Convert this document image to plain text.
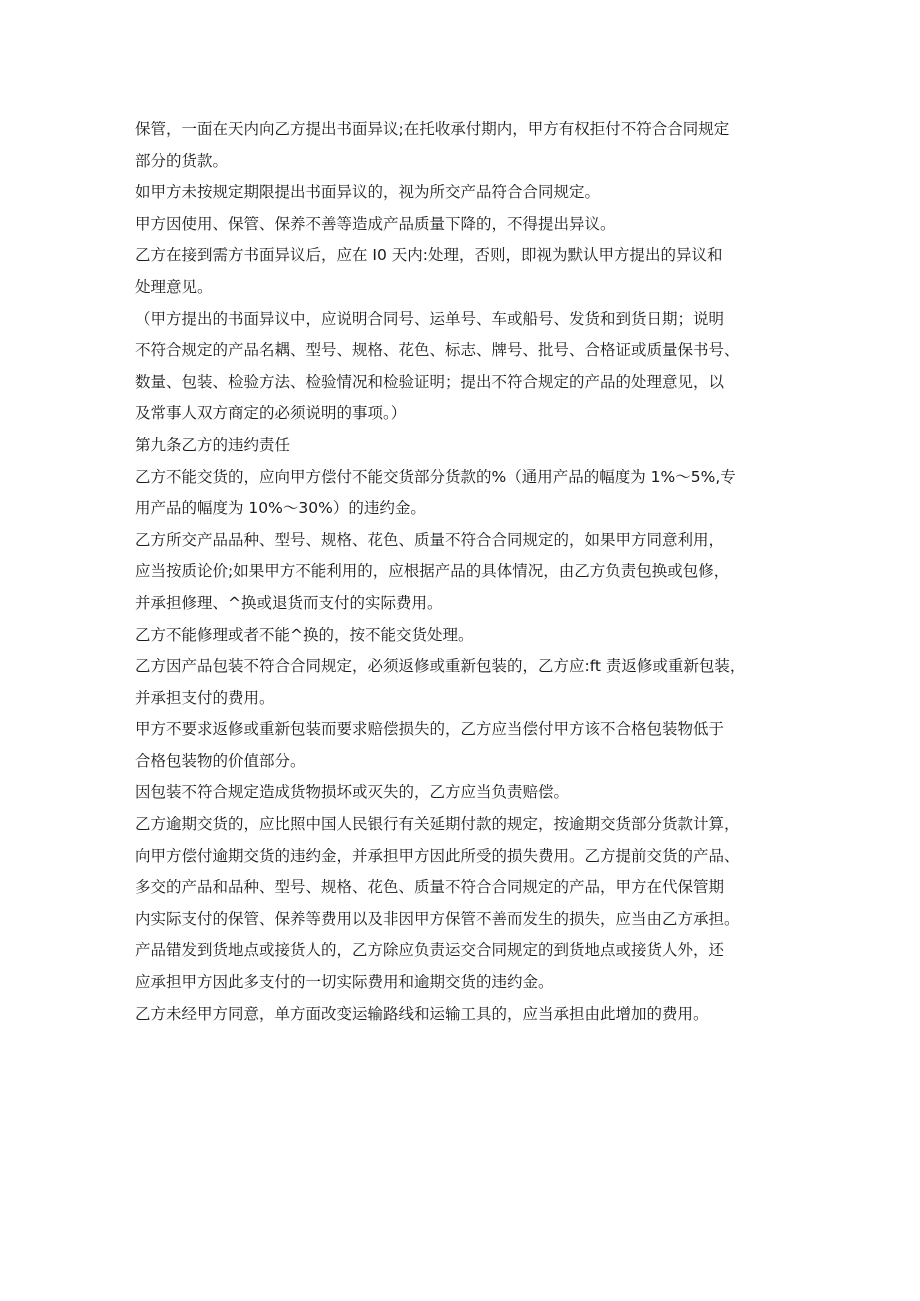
保管，一面在天内向乙方提出书面异议;在托收承付期内，甲方有权拒付不符合合同规定
部分的货款。
如甲方未按规定期限提出书面异议的，视为所交产品符合合同规定。
甲方因使用、保管、保养不善等造成产品质量下降的，不得提出异议。
乙方在接到需方书面异议后，应在 I0 天内:处理，否则，即视为默认甲方提出的异议和
处理意见。
（甲方提出的书面异议中，应说明合同号、运单号、车或船号、发货和到货日期；说明
不符合规定的产品名耦、型号、规格、花色、标志、牌号、批号、合格证或质量保书号、
数量、包装、检验方法、检验情况和检验证明；提出不符合规定的产品的处理意见，以
及常事人双方商定的必须说明的事项。）
第九条乙方的违约责任
乙方不能交货的，应向甲方偿付不能交货部分货款的%（通用产品的幅度为 1%〜5%,专
用产品的幅度为 10%～30%）的违约金。
乙方所交产品品种、型号、规格、花色、质量不符合合同规定的，如果甲方同意利用，
应当按质论价;如果甲方不能利用的，应根据产品的具体情况，由乙方负责包换或包修，
并承担修理、^换或退货而支付的实际费用。
乙方不能修理或者不能^换的，按不能交货处理。
乙方因产品包装不符合合同规定，必须返修或重新包装的，乙方应:ft 责返修或重新包装，
并承担支付的费用。
甲方不要求返修或重新包装而要求赔偿损失的，乙方应当偿付甲方该不合格包装物低于
合格包装物的价值部分。
因包装不符合规定造成货物损坏或灭失的，乙方应当负责赔偿。
乙方逾期交货的，应比照中国人民银行有关延期付款的规定，按逾期交货部分货款计算，
向甲方偿付逾期交货的违约金，并承担甲方因此所受的损失费用。乙方提前交货的产品、
多交的产品和品种、型号、规格、花色、质量不符合合同规定的产品，甲方在代保管期
内实际支付的保管、保养等费用以及非因甲方保管不善而发生的损失，应当由乙方承担。
产品错发到货地点或接货人的，乙方除应负责运交合同规定的到货地点或接货人外，还
应承担甲方因此多支付的一切实际费用和逾期交货的违约金。
乙方未经甲方同意，单方面改变运输路线和运输工具的，应当承担由此增加的费用。
